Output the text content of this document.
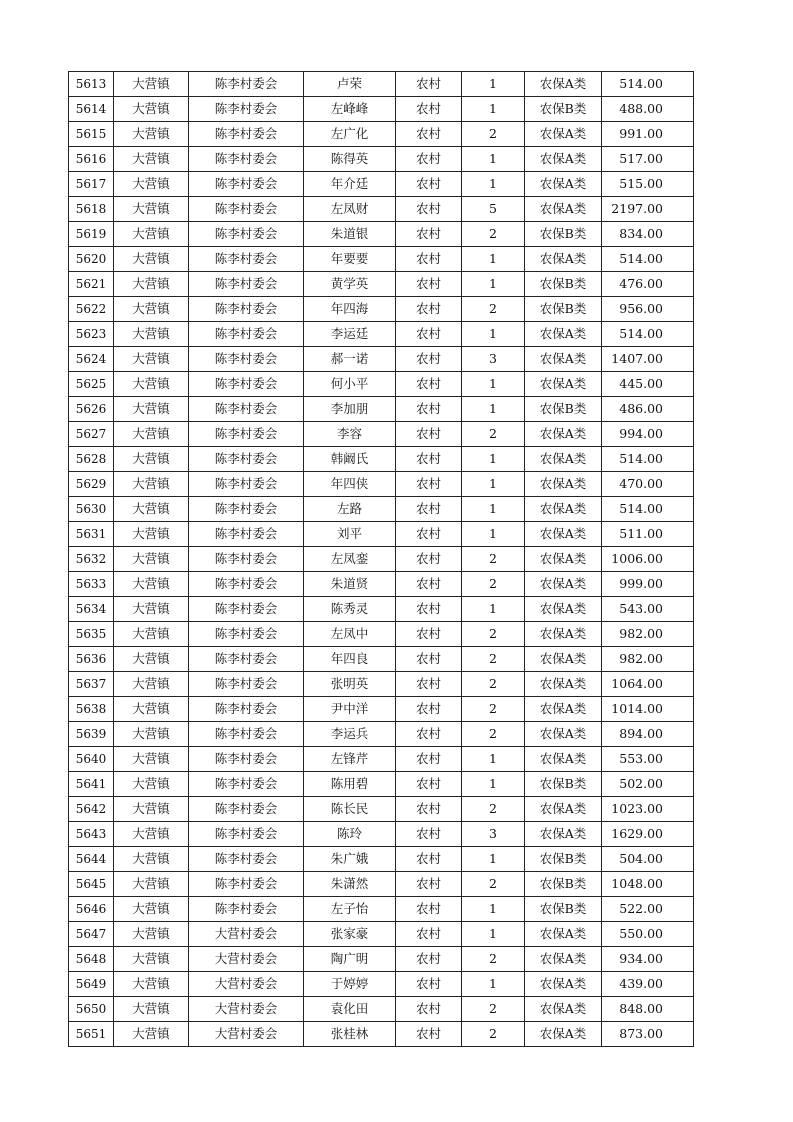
5613	大营镇	陈李村委会	卢荣	农村	1	农保A类	514.00
5614	大营镇	陈李村委会	左峰峰	农村	1	农保B类	488.00
5615	大营镇	陈李村委会	左广化	农村	2	农保A类	991.00
5616	大营镇	陈李村委会	陈得英	农村	1	农保A类	517.00
5617	大营镇	陈李村委会	年介廷	农村	1	农保A类	515.00
5618	大营镇	陈李村委会	左凤财	农村	5	农保A类	2197.00
5619	大营镇	陈李村委会	朱道银	农村	2	农保B类	834.00
5620	大营镇	陈李村委会	年要要	农村	1	农保A类	514.00
5621	大营镇	陈李村委会	黄学英	农村	1	农保B类	476.00
5622	大营镇	陈李村委会	年四海	农村	2	农保B类	956.00
5623	大营镇	陈李村委会	李运廷	农村	1	农保A类	514.00
5624	大营镇	陈李村委会	郝一诺	农村	3	农保A类	1407.00
5625	大营镇	陈李村委会	何小平	农村	1	农保A类	445.00
5626	大营镇	陈李村委会	李加朋	农村	1	农保B类	486.00
5627	大营镇	陈李村委会	李容	农村	2	农保A类	994.00
5628	大营镇	陈李村委会	韩阚氏	农村	1	农保A类	514.00
5629	大营镇	陈李村委会	年四侠	农村	1	农保A类	470.00
5630	大营镇	陈李村委会	左路	农村	1	农保A类	514.00
5631	大营镇	陈李村委会	刘平	农村	1	农保A类	511.00
5632	大营镇	陈李村委会	左凤銮	农村	2	农保A类	1006.00
5633	大营镇	陈李村委会	朱道贤	农村	2	农保A类	999.00
5634	大营镇	陈李村委会	陈秀灵	农村	1	农保A类	543.00
5635	大营镇	陈李村委会	左凤中	农村	2	农保A类	982.00
5636	大营镇	陈李村委会	年四良	农村	2	农保A类	982.00
5637	大营镇	陈李村委会	张明英	农村	2	农保A类	1064.00
5638	大营镇	陈李村委会	尹中洋	农村	2	农保A类	1014.00
5639	大营镇	陈李村委会	李运兵	农村	2	农保A类	894.00
5640	大营镇	陈李村委会	左锋芹	农村	1	农保A类	553.00
5641	大营镇	陈李村委会	陈用碧	农村	1	农保B类	502.00
5642	大营镇	陈李村委会	陈长民	农村	2	农保A类	1023.00
5643	大营镇	陈李村委会	陈玲	农村	3	农保A类	1629.00
5644	大营镇	陈李村委会	朱广娥	农村	1	农保B类	504.00
5645	大营镇	陈李村委会	朱潇然	农村	2	农保B类	1048.00
5646	大营镇	陈李村委会	左子怡	农村	1	农保B类	522.00
5647	大营镇	大营村委会	张家豪	农村	1	农保A类	550.00
5648	大营镇	大营村委会	陶广明	农村	2	农保A类	934.00
5649	大营镇	大营村委会	于婷婷	农村	1	农保A类	439.00
5650	大营镇	大营村委会	袁化田	农村	2	农保A类	848.00
5651	大营镇	大营村委会	张桂林	农村	2	农保A类	873.00
